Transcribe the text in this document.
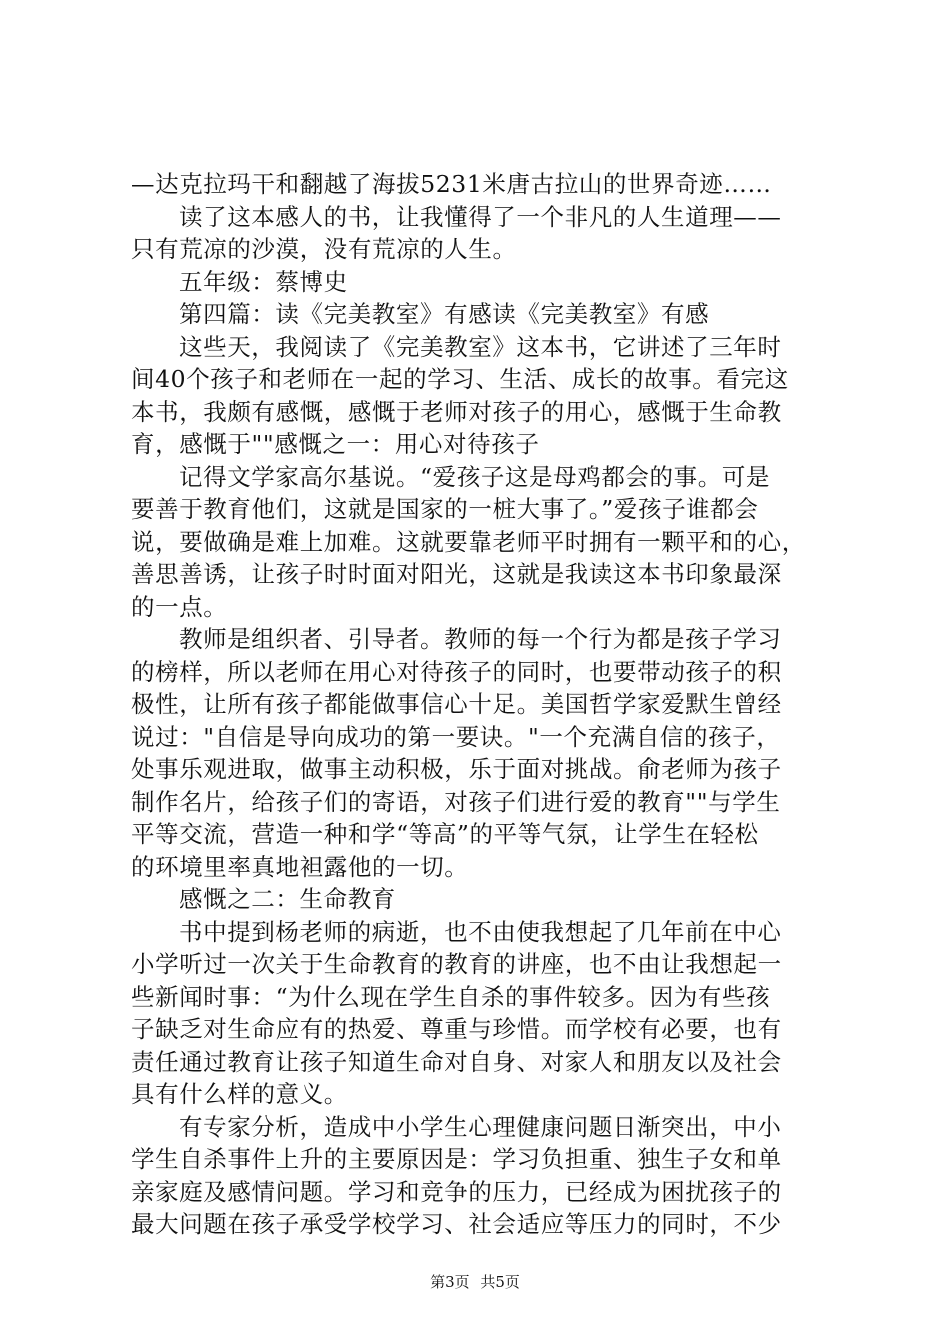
—达克拉玛干和翻越了海拔5231米唐古拉山的世界奇迹……
读了这本感人的书，让我懂得了一个非凡的人生道理——
只有荒凉的沙漠，没有荒凉的人生。
五年级：蔡博史
第四篇：读《完美教室》有感读《完美教室》有感
这些天，我阅读了《完美教室》这本书，它讲述了三年时
间40个孩子和老师在一起的学习、生活、成长的故事。看完这
本书，我颇有感慨，感慨于老师对孩子的用心，感慨于生命教
育，感慨于""感慨之一：用心对待孩子
记得文学家高尔基说。“爱孩子这是母鸡都会的事。可是
要善于教育他们，这就是国家的一桩大事了。”爱孩子谁都会
说，要做确是难上加难。这就要靠老师平时拥有一颗平和的心，
善思善诱，让孩子时时面对阳光，这就是我读这本书印象最深
的一点。
教师是组织者、引导者。教师的每一个行为都是孩子学习
的榜样，所以老师在用心对待孩子的同时，也要带动孩子的积
极性，让所有孩子都能做事信心十足。美国哲学家爱默生曾经
说过："自信是导向成功的第一要诀。"一个充满自信的孩子，
处事乐观进取，做事主动积极，乐于面对挑战。俞老师为孩子
制作名片，给孩子们的寄语，对孩子们进行爱的教育""与学生
平等交流，营造一种和学“等高”的平等气氛，让学生在轻松
的环境里率真地袒露他的一切。
感慨之二：生命教育
书中提到杨老师的病逝，也不由使我想起了几年前在中心
小学听过一次关于生命教育的教育的讲座，也不由让我想起一
些新闻时事：“为什么现在学生自杀的事件较多。因为有些孩
子缺乏对生命应有的热爱、尊重与珍惜。而学校有必要，也有
责任通过教育让孩子知道生命对自身、对家人和朋友以及社会
具有什么样的意义。
有专家分析，造成中小学生心理健康问题日渐突出，中小
学生自杀事件上升的主要原因是：学习负担重、独生子女和单
亲家庭及感情问题。学习和竞争的压力，已经成为困扰孩子的
最大问题在孩子承受学校学习、社会适应等压力的同时，不少
第3页 共5页
